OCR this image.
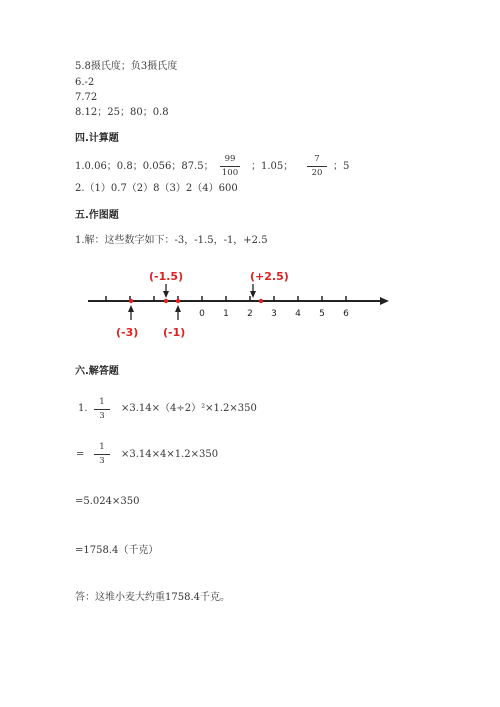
5.8摄氏度；负3摄氏度
6.-2
7.72
8.12；25；80；0.8
四.计算题
1.0.06；0.8；0.056；87.5；
99
100
；1.05；
7
20
；5
2.（1）0.7（2）8（3）2（4）600
五.作图题
1.解：这些数字如下：-3，-1.5，-1，+2.5
0 1 2 3 4 5 6
(-1.5)	(+2.5)
(-3) (-1)
六.解答题
1.
1
3
×3.14×（4÷2）²×1.2×350
=
1
3
×3.14×4×1.2×350
=5.024×350
=1758.4（千克）
答：这堆小麦大约重1758.4千克。
